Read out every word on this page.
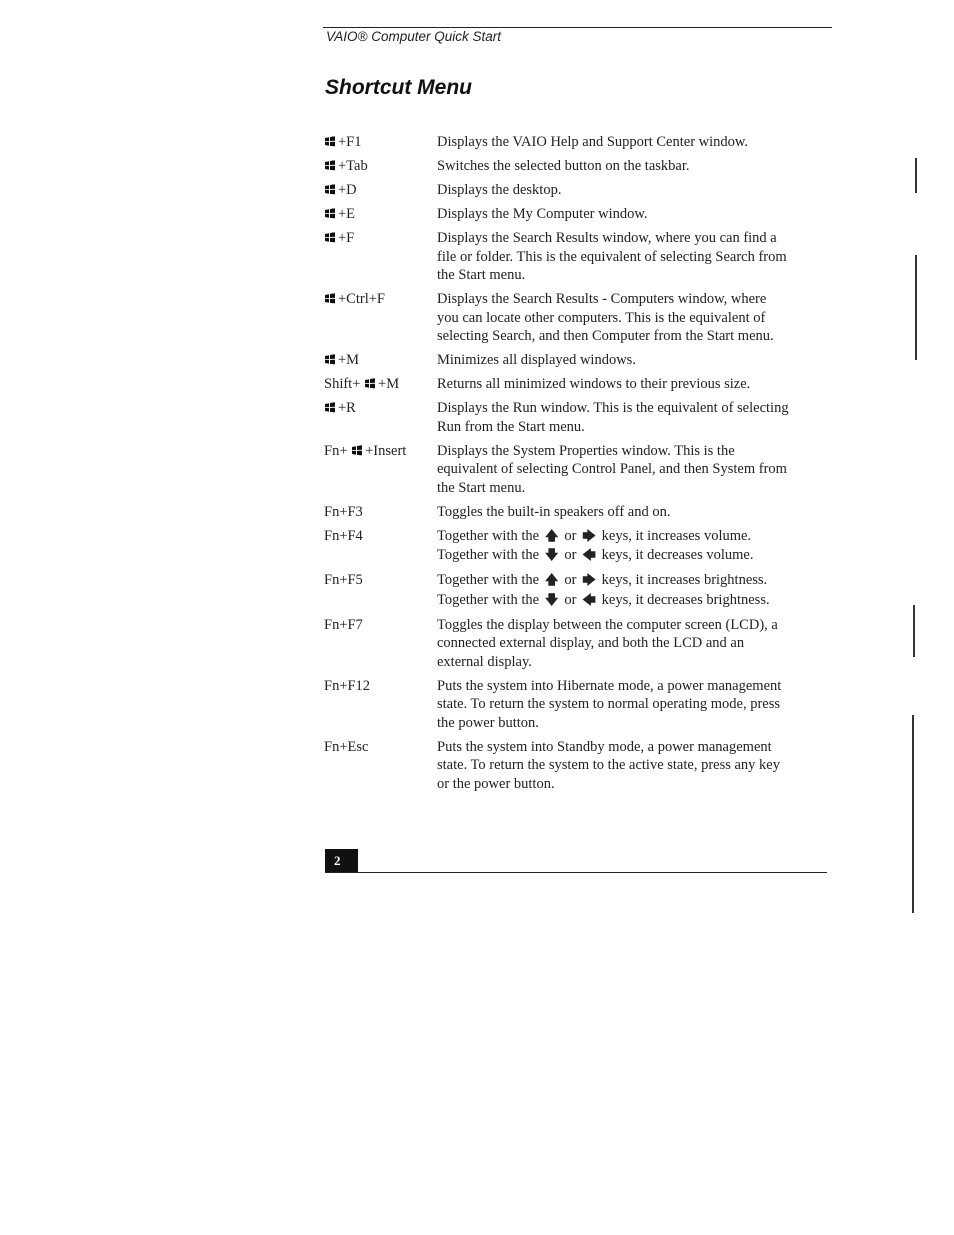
VAIO® Computer Quick Start
Shortcut Menu
+F1	Displays the VAIO Help and Support Center window.
+Tab	Switches the selected button on the taskbar.
+D	Displays the desktop.
+E	Displays the My Computer window.
+F	Displays the Search Results window, where you can find a
file or folder. This is the equivalent of selecting Search from
the Start menu.
+Ctrl+F	Displays the Search Results - Computers window, where
you can locate other computers. This is the equivalent of
selecting Search, and then Computer from the Start menu.
+M	Minimizes all displayed windows.
Shift+ +M	Returns all minimized windows to their previous size.
+R	Displays the Run window. This is the equivalent of selecting
Run from the Start menu.
Fn+ +Insert	Displays the System Properties window. This is the
equivalent of selecting Control Panel, and then System from
the Start menu.
Fn+F3	Toggles the built-in speakers off and on.
Fn+F4	Together with the 🡅 or 🡆 keys, it increases volume.
Together with the 🡇 or 🡄 keys, it decreases volume.
Fn+F5	Together with the 🡅 or 🡆 keys, it increases brightness.
Together with the 🡇 or 🡄 keys, it decreases brightness.
Fn+F7	Toggles the display between the computer screen (LCD), a
connected external display, and both the LCD and an
external display.
Fn+F12	Puts the system into Hibernate mode, a power management
state. To return the system to normal operating mode, press
the power button.
Fn+Esc	Puts the system into Standby mode, a power management
state. To return the system to the active state, press any key
or the power button.
2
